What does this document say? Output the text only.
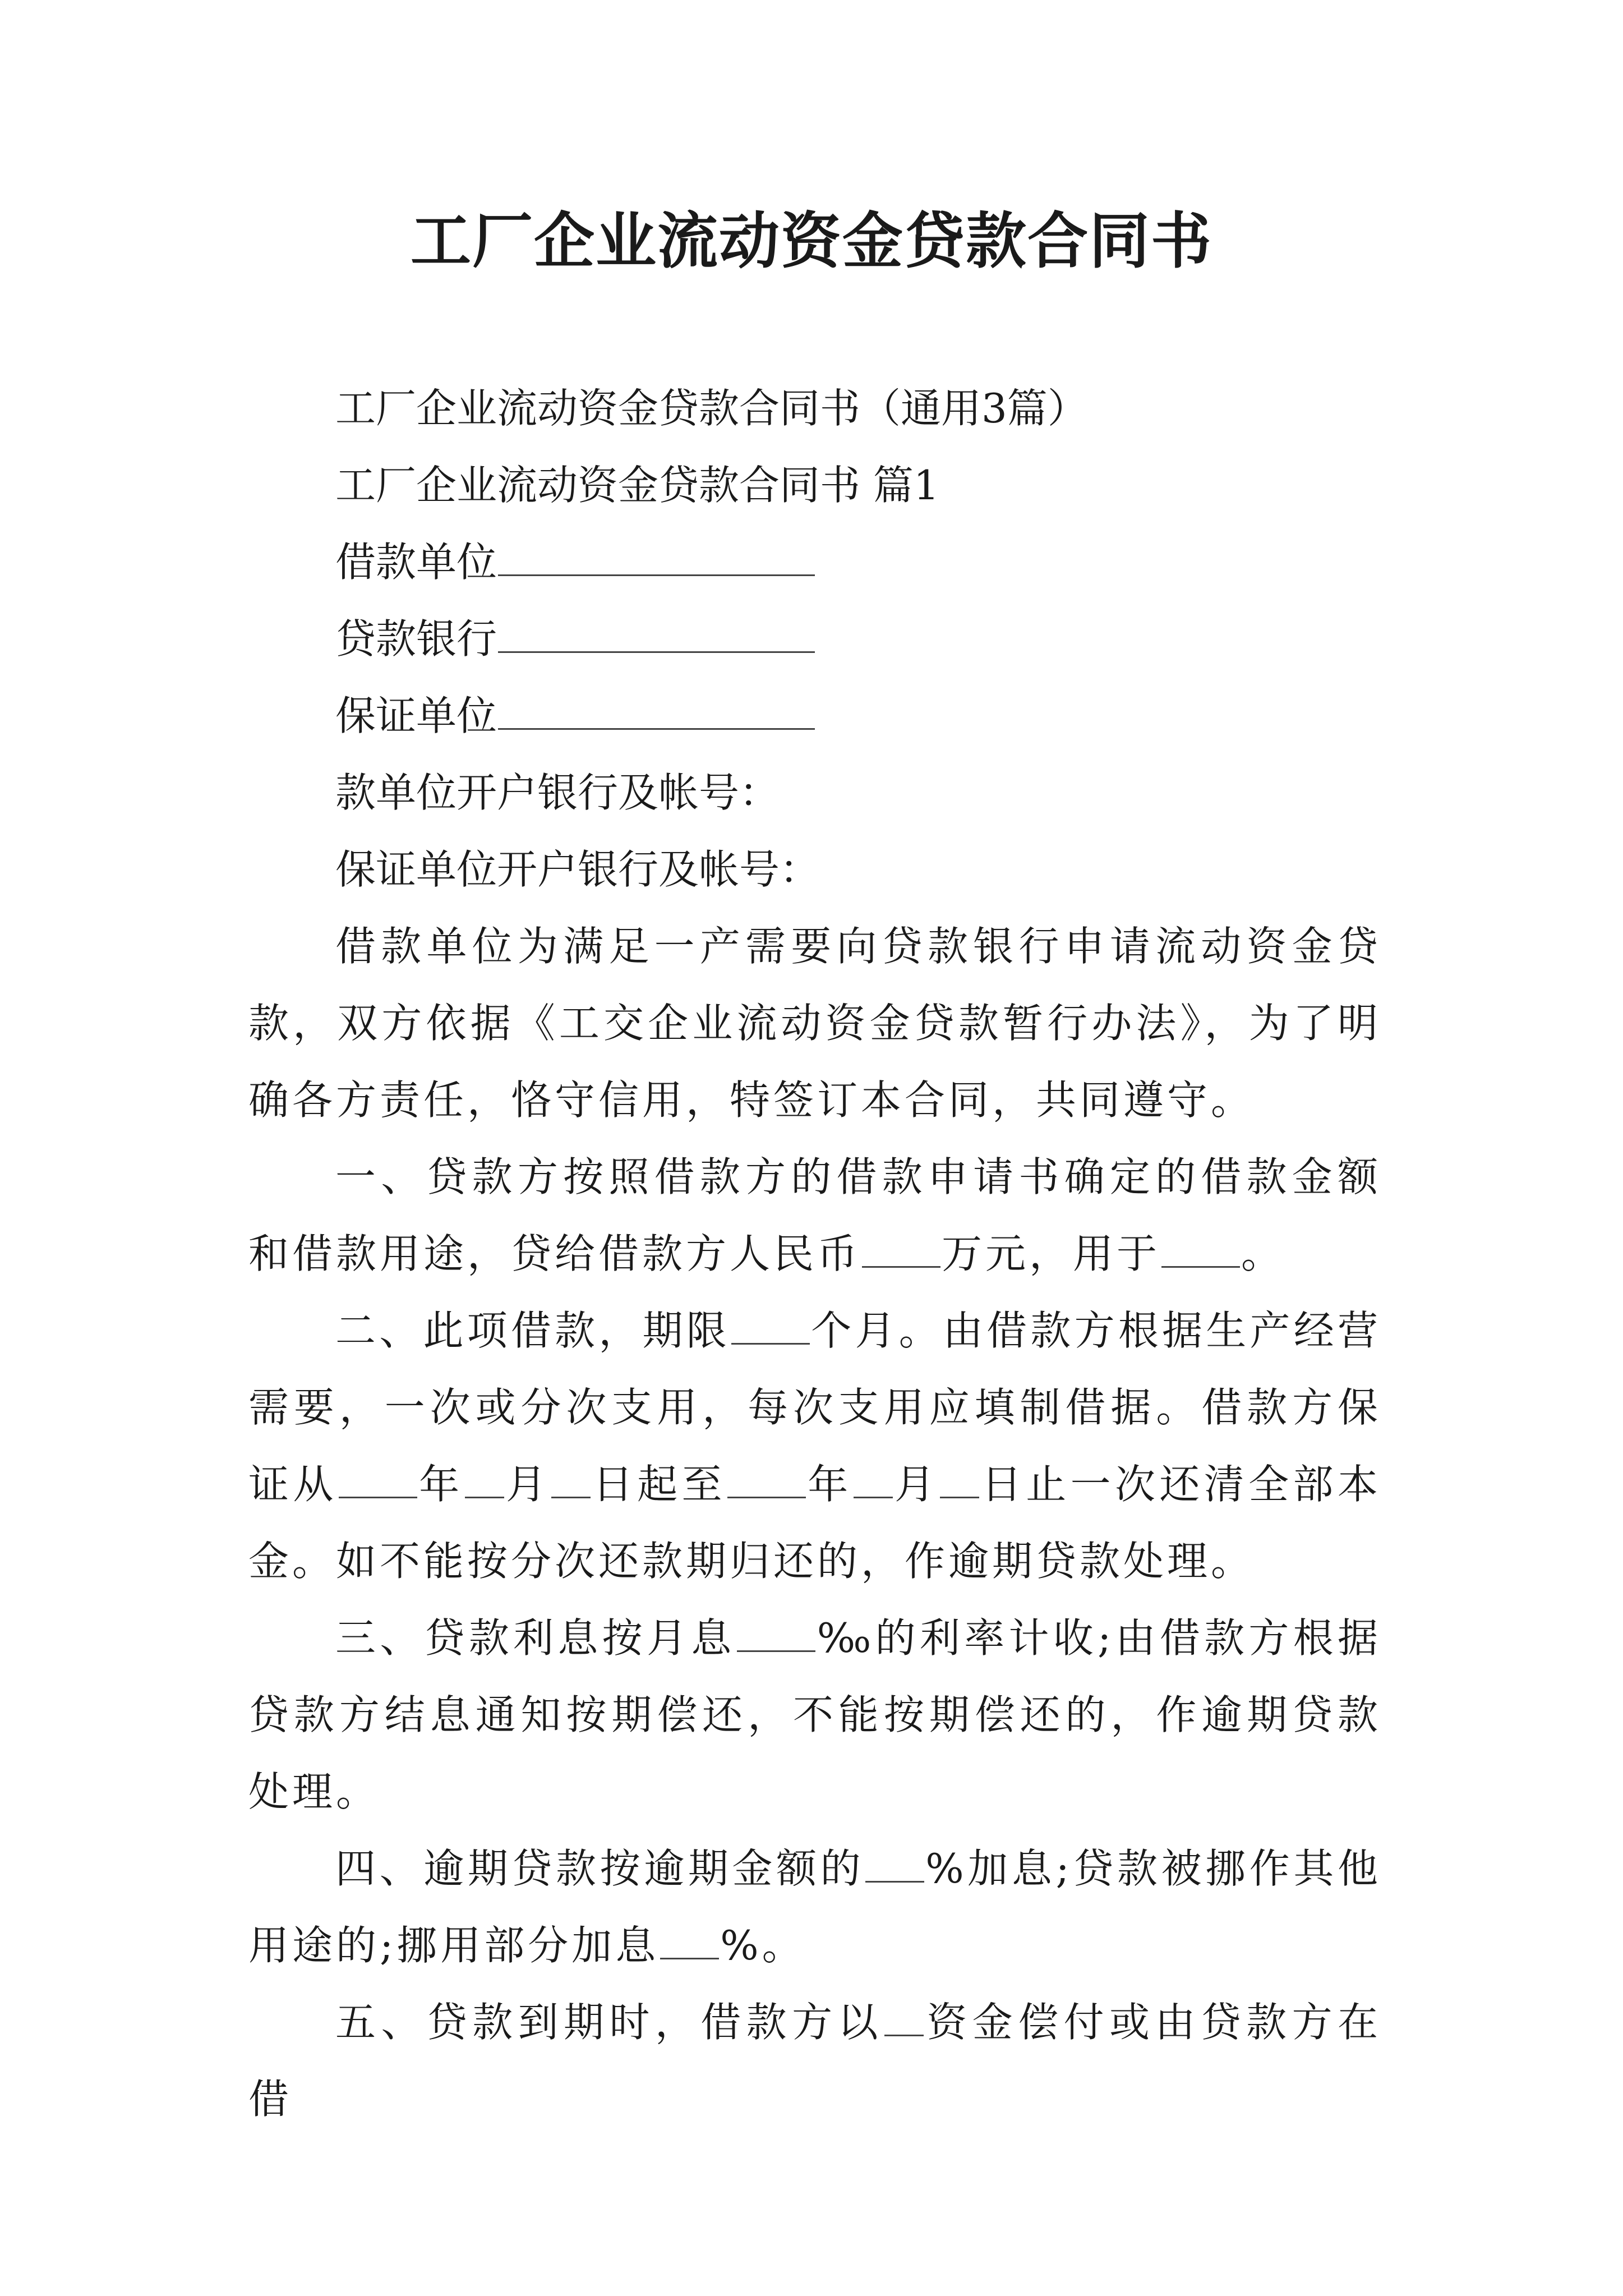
工厂企业流动资金贷款合同书

工厂企业流动资金贷款合同书（通用3篇）

工厂企业流动资金贷款合同书 篇1

借款单位

贷款银行

保证单位

款单位开户银行及帐号：

保证单位开户银行及帐号：

借款单位为满足一产需要向贷款银行申请流动资金贷款，双方依据《工交企业流动资金贷款暂行办法》，为了明确各方责任，恪守信用，特签订本合同，共同遵守。

一、贷款方按照借款方的借款申请书确定的借款金额和借款用途，贷给借款方人民币 万元，用于 。

二、此项借款，期限 个月。由借款方根据生产经营需要，一次或分次支用，每次支用应填制借据。借款方保证从 年 月 日起至 年 月 日止一次还清全部本金。如不能按分次还款期归还的，作逾期贷款处理。

三、贷款利息按月息 ‰的利率计收;由借款方根据贷款方结息通知按期偿还，不能按期偿还的，作逾期贷款处理。

四、逾期贷款按逾期金额的 %加息;贷款被挪作其他用途的;挪用部分加息 %。

五、贷款到期时，借款方以 资金偿付或由贷款方在借
